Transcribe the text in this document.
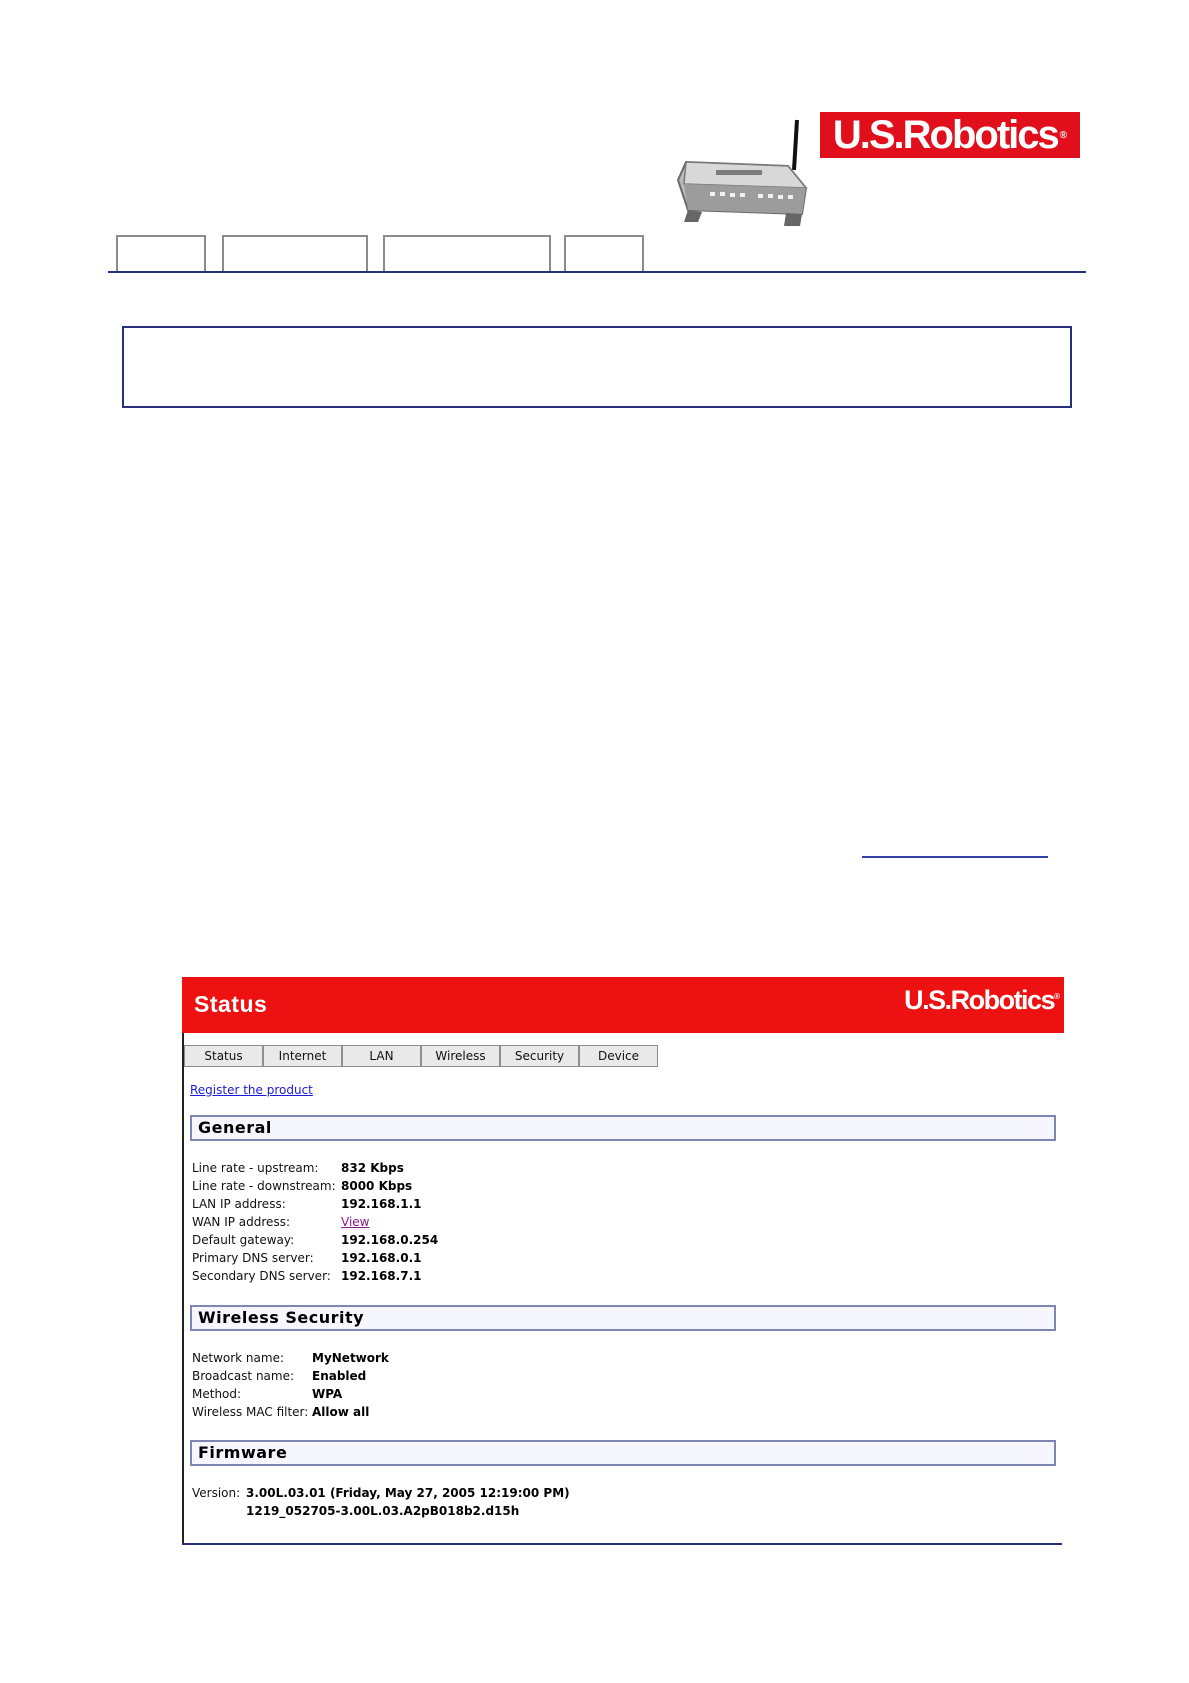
U.S.Robotics ®
Status	U.S.Robotics®
Status	Internet	LAN	Wireless	Security	Device
Register the product
General
Line rate - upstream:	832 Kbps
Line rate - downstream: 8000 Kbps
LAN IP address:	192.168.1.1
WAN IP address:	View
Default gateway:	192.168.0.254
Primary DNS server:	192.168.0.1
Secondary DNS server: 192.168.7.1
Wireless Security
Network name:	MyNetwork
Broadcast name:	Enabled
Method:	WPA
Wireless MAC filter: Allow all
Firmware
Version: 3.00L.03.01 (Friday, May 27, 2005 12:19:00 PM)
1219_052705-3.00L.03.A2pB018b2.d15h
